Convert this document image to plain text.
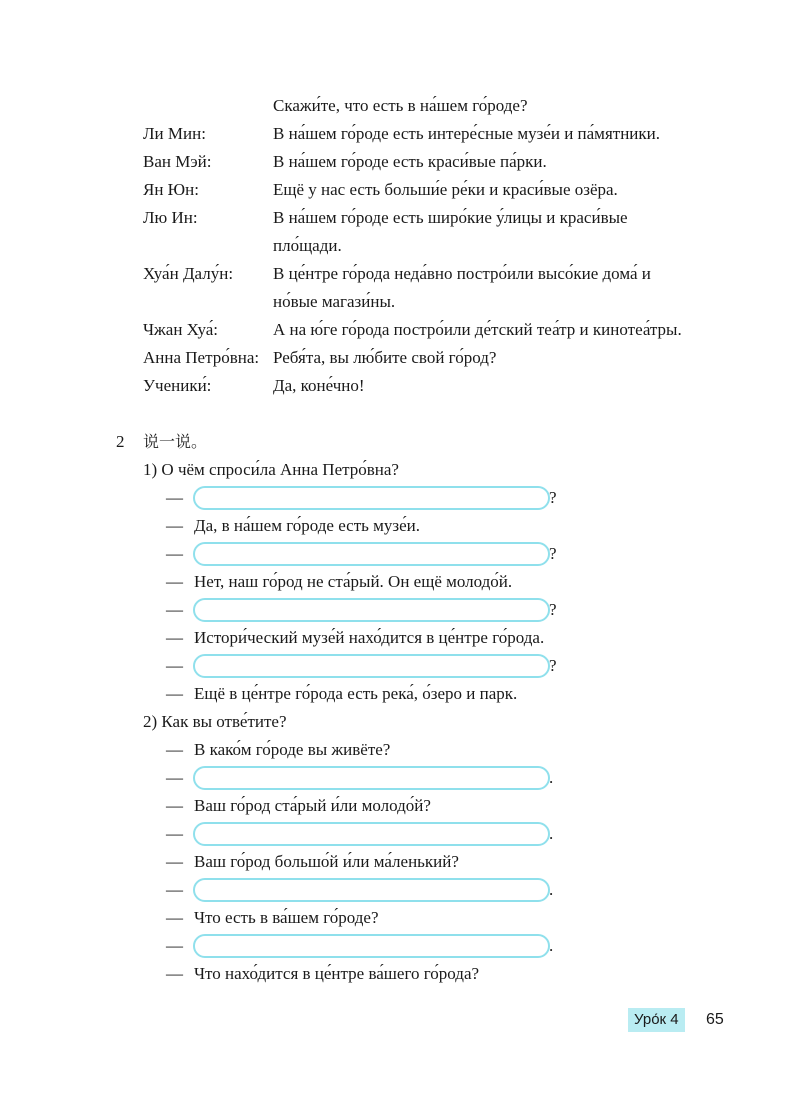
Скажи́те, что есть в на́шем го́роде?
Ли Мин:	В на́шем го́роде есть интере́сные музе́и и па́мятники.
Ван Мэй:	В на́шем го́роде есть краси́вые па́рки.
Ян Юн:	Ещё у нас есть больши́е ре́ки и краси́вые озёра.
Лю Ин:	В на́шем го́роде есть широ́кие у́лицы и краси́вые
пло́щади.
Хуа́н Далу́н: В це́нтре го́рода неда́вно постро́или высо́кие дома́ и
но́вые магази́ны.
Чжан Хуа́:	А на ю́ге го́рода постро́или де́тский теа́тр и кинотеа́тры.
Анна Петро́вна: Ребя́та, вы лю́бите свой го́род?
Ученики́:	Да, коне́чно!
2 说一说。
1) О чём спроси́ла Анна Петро́вна?
—	?
— Да, в на́шем го́роде есть музе́и.
—	?
— Нет, наш го́род не ста́рый. Он ещё молодо́й.
—	?
— Истори́ческий музе́й нахо́дится в це́нтре го́рода.
—	?
— Ещё в це́нтре го́рода есть река́, о́зеро и парк.
2) Как вы отве́тите?
— В како́м го́роде вы живёте?
—	.
— Ваш го́род ста́рый и́ли молодо́й?
—	.
— Ваш го́род большо́й и́ли ма́ленький?
—	.
— Что есть в ва́шем го́роде?
—	.
— Что нахо́дится в це́нтре ва́шего го́рода?
Уро́к 4	65
